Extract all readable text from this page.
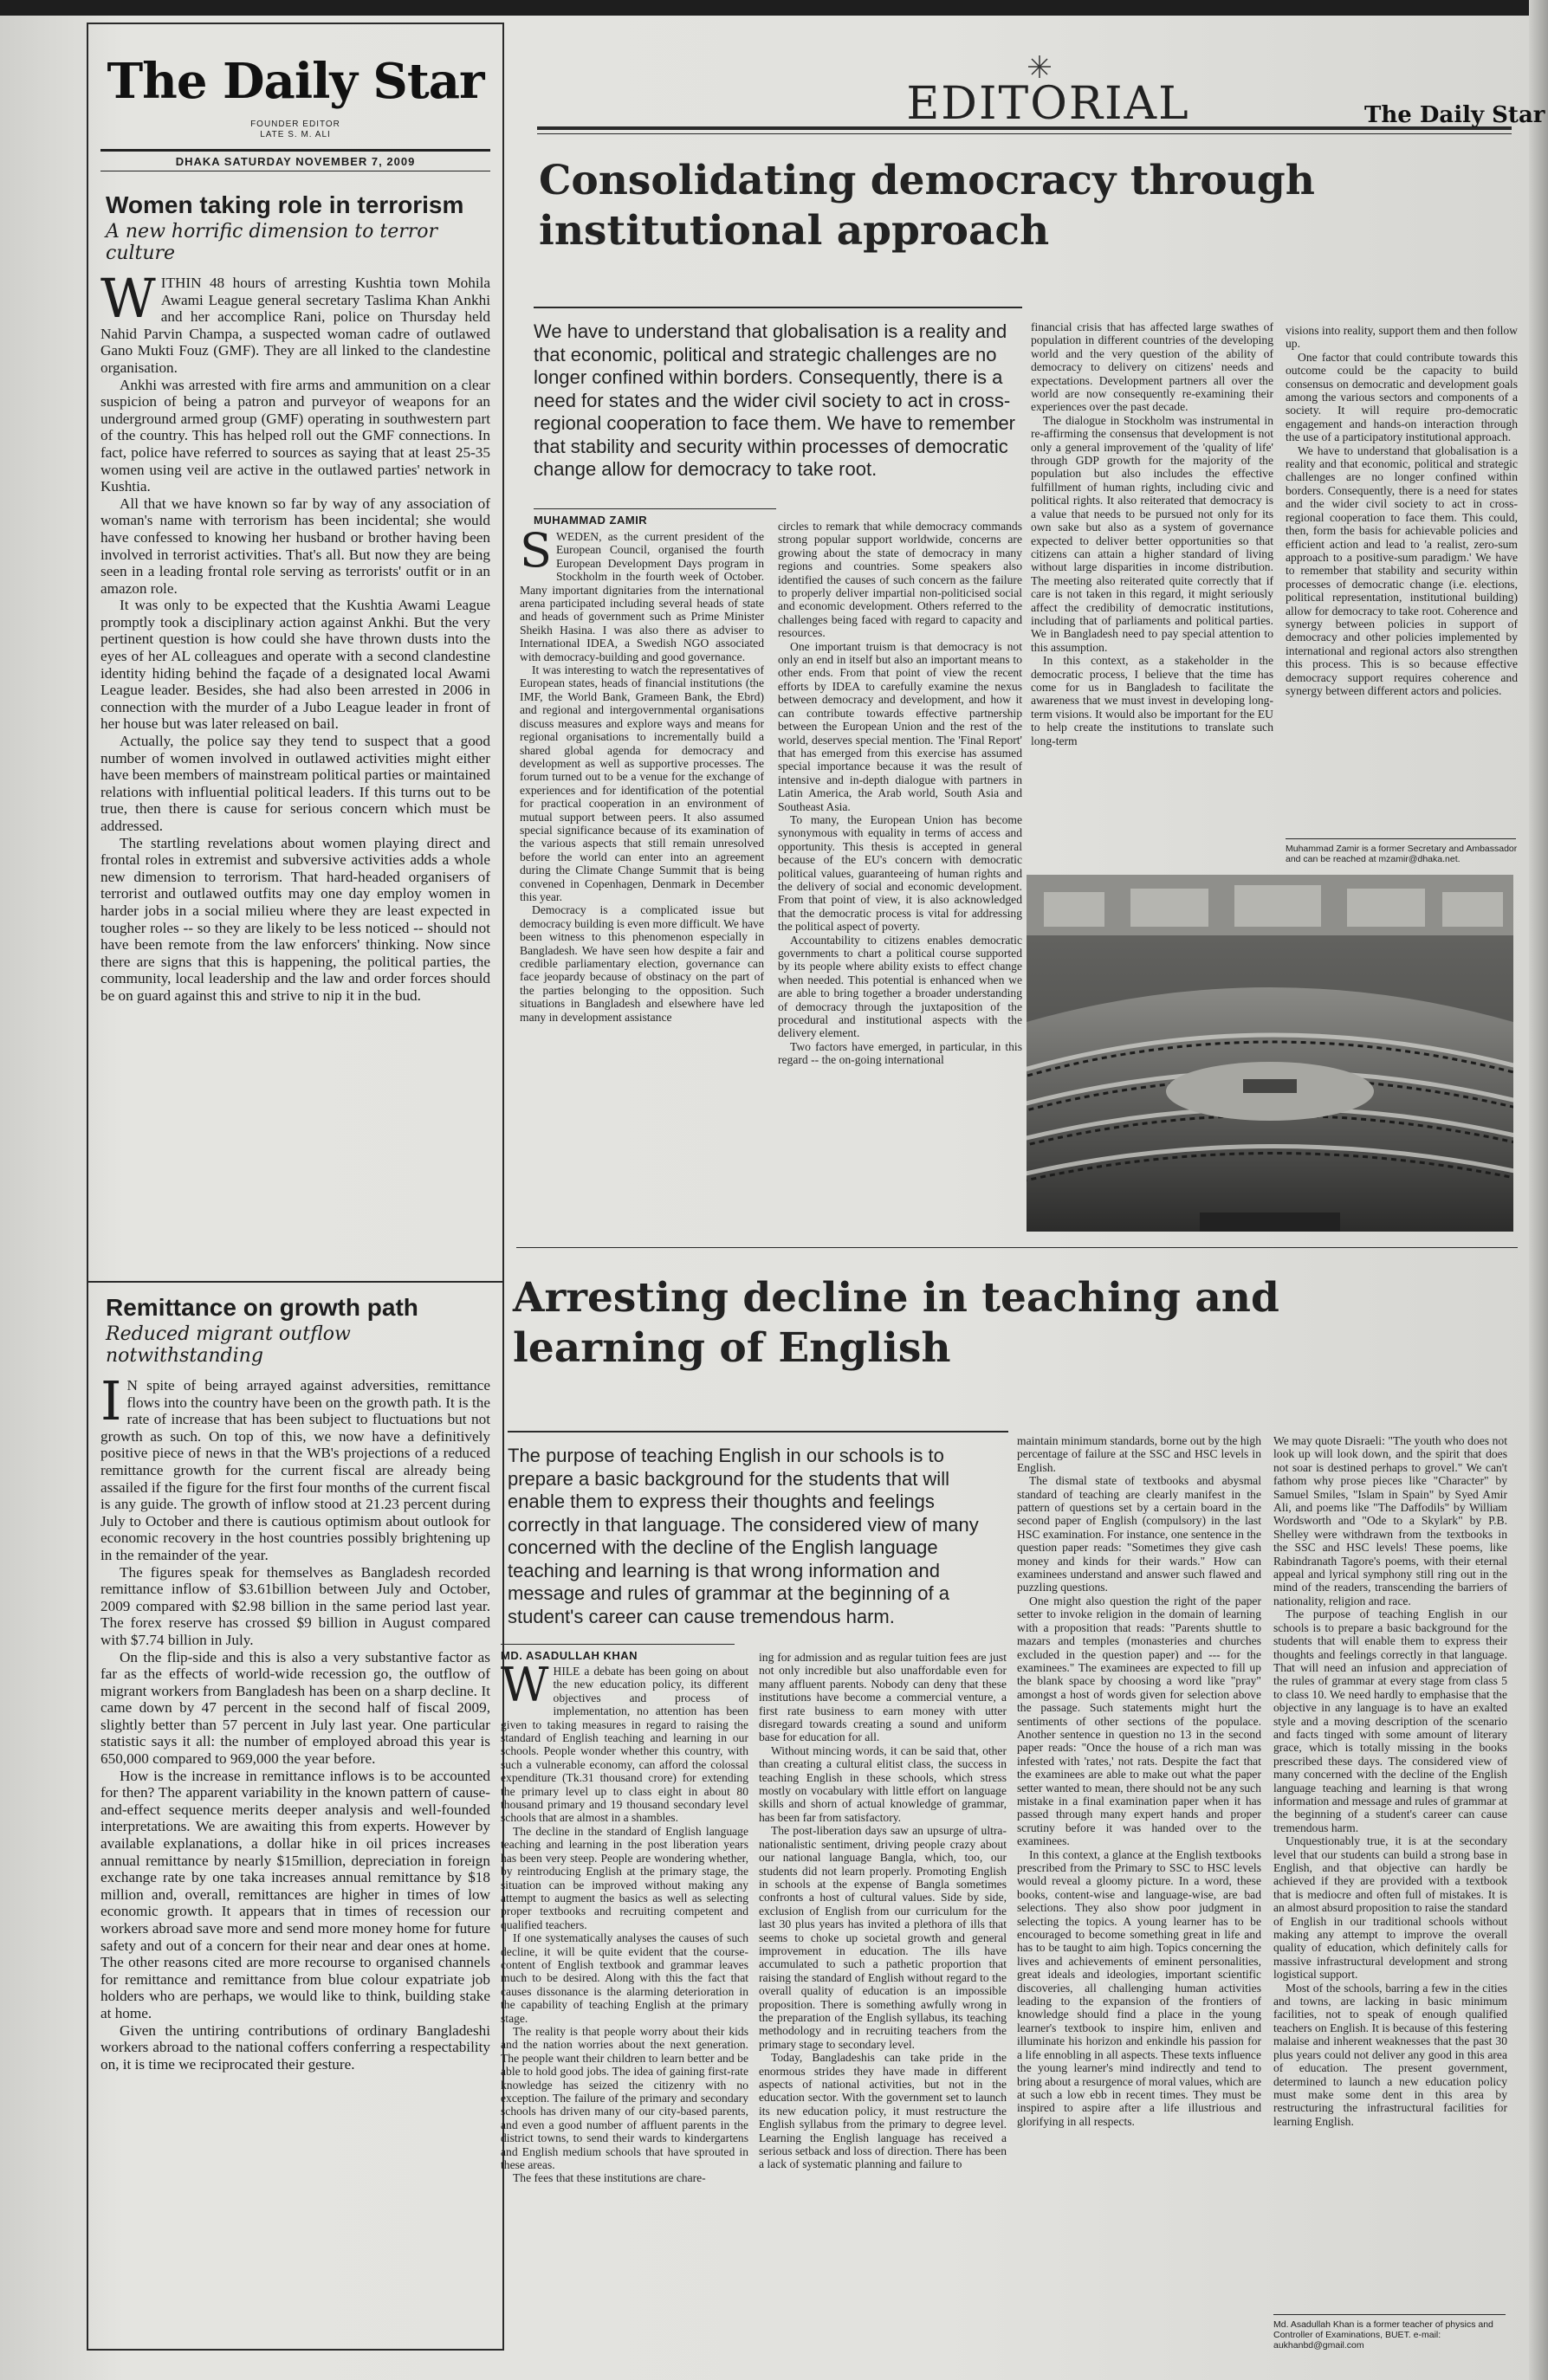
The Daily Star
FOUNDER EDITOR
LATE S. M. ALI
DHAKA SATURDAY NOVEMBER 7, 2009
Women taking role in terrorism
A new horrific dimension to terror culture
W ITHIN 48 hours of arresting Kushtia town Mohila Awami League general secretary Taslima Khan Ankhi and her accomplice Rani, police on Thursday held Nahid Parvin Champa, a suspected woman cadre of outlawed Gano Mukti Fouz (GMF). They are all linked to the clandestine organisation.

Ankhi was arrested with fire arms and ammunition on a clear suspicion of being a patron and purveyor of weapons for an underground armed group (GMF) operating in southwestern part of the country. This has helped roll out the GMF connections. In fact, police have referred to sources as saying that at least 25-35 women using veil are active in the outlawed parties' network in Kushtia.

All that we have known so far by way of any association of woman's name with terrorism has been incidental; she would have confessed to knowing her husband or brother having been involved in terrorist activities. That's all. But now they are being seen in a leading frontal role serving as terrorists' outfit or in an amazon role.

It was only to be expected that the Kushtia Awami League promptly took a disciplinary action against Ankhi. But the very pertinent question is how could she have thrown dusts into the eyes of her AL colleagues and operate with a second clandestine identity hiding behind the façade of a designated local Awami League leader. Besides, she had also been arrested in 2006 in connection with the murder of a Jubo League leader in front of her house but was later released on bail.

Actually, the police say they tend to suspect that a good number of women involved in outlawed activities might either have been members of mainstream political parties or maintained relations with influential political leaders. If this turns out to be true, then there is cause for serious concern which must be addressed.

The startling revelations about women playing direct and frontal roles in extremist and subversive activities adds a whole new dimension to terrorism. That hard-headed organisers of terrorist and outlawed outfits may one day employ women in harder jobs in a social milieu where they are least expected in tougher roles -- so they are likely to be less noticed -- should not have been remote from the law enforcers' thinking. Now since there are signs that this is happening, the political parties, the community, local leadership and the law and order forces should be on guard against this and strive to nip it in the bud.

Remittance on growth path
Reduced migrant outflow notwithstanding
I N spite of being arrayed against adversities, remittance flows into the country have been on the growth path. It is the rate of increase that has been subject to fluctuations but not growth as such. On top of this, we now have a definitively positive piece of news in that the WB's projections of a reduced remittance growth for the current fiscal are already being assailed if the figure for the first four months of the current fiscal is any guide. The growth of inflow stood at 21.23 percent during July to October and there is cautious optimism about outlook for economic recovery in the host countries possibly brightening up in the remainder of the year.

The figures speak for themselves as Bangladesh recorded remittance inflow of $3.61billion between July and October, 2009 compared with $2.98 billion in the same period last year. The forex reserve has crossed $9 billion in August compared with $7.74 billion in July.

On the flip-side and this is also a very substantive factor as far as the effects of world-wide recession go, the outflow of migrant workers from Bangladesh has been on a sharp decline. It came down by 47 percent in the second half of fiscal 2009, slightly better than 57 percent in July last year. One particular statistic says it all: the number of employed abroad this year is 650,000 compared to 969,000 the year before.

How is the increase in remittance inflows is to be accounted for then? The apparent variability in the known pattern of cause-and-effect sequence merits deeper analysis and well-founded interpretations. We are awaiting this from experts. However by available explanations, a dollar hike in oil prices increases annual remittance by nearly $15million, depreciation in foreign exchange rate by one taka increases annual remittance by $18 million and, overall, remittances are higher in times of low economic growth. It appears that in times of recession our workers abroad save more and send more money home for future safety and out of a concern for their near and dear ones at home. The other reasons cited are more recourse to organised channels for remittance and remittance from blue colour expatriate job holders who are perhaps, we would like to think, building stake at home.

Given the untiring contributions of ordinary Bangladeshi workers abroad to the national coffers conferring a respectability on, it is time we reciprocated their gesture.

EDITORIAL	The Daily Star
Consolidating democracy through
institutional approach
We have to understand that globalisation is a reality and that economic, political and strategic challenges are no longer confined within borders. Consequently, there is a need for states and the wider civil society to act in cross-regional cooperation to face them. We have to remember that stability and security within processes of democratic change allow for democracy to take root.
MUHAMMAD ZAMIR
S WEDEN, as the current president of the European Council, organised the fourth European Development Days program in Stockholm in the fourth week of October. Many important dignitaries from the international arena participated including several heads of state and heads of government such as Prime Minister Sheikh Hasina. I was also there as adviser to International IDEA, a Swedish NGO associated with democracy-building and good governance.

It was interesting to watch the representatives of European states, heads of financial institutions (the IMF, the World Bank, Grameen Bank, the Ebrd) and regional and intergovernmental organisations discuss measures and explore ways and means for regional organisations to incrementally build a shared global agenda for democracy and development as well as supportive processes. The forum turned out to be a venue for the exchange of experiences and for identification of the potential for practical cooperation in an environment of mutual support between peers. It also assumed special significance because of its examination of the various aspects that still remain unresolved before the world can enter into an agreement during the Climate Change Summit that is being convened in Copenhagen, Denmark in December this year.

Democracy is a complicated issue but democracy building is even more difficult. We have been witness to this phenomenon especially in Bangladesh. We have seen how despite a fair and credible parliamentary election, governance can face jeopardy because of obstinacy on the part of the parties belonging to the opposition. Such situations in Bangladesh and elsewhere have led many in development assistance

circles to remark that while democracy commands strong popular support worldwide, concerns are growing about the state of democracy in many regions and countries. Some speakers also identified the causes of such concern as the failure to properly deliver impartial non-politicised social and economic development. Others referred to the challenges being faced with regard to capacity and resources.

One important truism is that democracy is not only an end in itself but also an important means to other ends. From that point of view the recent efforts by IDEA to carefully examine the nexus between democracy and development, and how it can contribute towards effective partnership between the European Union and the rest of the world, deserves special mention. The 'Final Report' that has emerged from this exercise has assumed special importance because it was the result of intensive and in-depth dialogue with partners in Latin America, the Arab world, South Asia and Southeast Asia.

To many, the European Union has become synonymous with equality in terms of access and opportunity. This thesis is accepted in general because of the EU's concern with democratic political values, guaranteeing of human rights and the delivery of social and economic development. From that point of view, it is also acknowledged that the democratic process is vital for addressing the political aspect of poverty.

Accountability to citizens enables democratic governments to chart a political course supported by its people where ability exists to effect change when needed. This potential is enhanced when we are able to bring together a broader understanding of democracy through the juxtaposition of the procedural and institutional aspects with the delivery element.

Two factors have emerged, in particular, in this regard -- the on-going international

financial crisis that has affected large swathes of population in different countries of the developing world and the very question of the ability of democracy to delivery on citizens' needs and expectations. Development partners all over the world are now consequently re-examining their experiences over the past decade.

The dialogue in Stockholm was instrumental in re-affirming the consensus that development is not only a general improvement of the 'quality of life' through GDP growth for the majority of the population but also includes the effective fulfillment of human rights, including civic and political rights. It also reiterated that democracy is a value that needs to be pursued not only for its own sake but also as a system of governance expected to deliver better opportunities so that citizens can attain a higher standard of living without large disparities in income distribution. The meeting also reiterated quite correctly that if care is not taken in this regard, it might seriously affect the credibility of democratic institutions, including that of parliaments and political parties. We in Bangladesh need to pay special attention to this assumption.

In this context, as a stakeholder in the democratic process, I believe that the time has come for us in Bangladesh to facilitate the awareness that we must invest in developing long-term visions. It would also be important for the EU to help create the institutions to translate such long-term

visions into reality, support them and then follow up.

One factor that could contribute towards this outcome could be the capacity to build consensus on democratic and development goals among the various sectors and components of a society. It will require pro-democratic engagement and hands-on interaction through the use of a participatory institutional approach.

We have to understand that globalisation is a reality and that economic, political and strategic challenges are no longer confined within borders. Consequently, there is a need for states and the wider civil society to act in cross-regional cooperation to face them. This could, then, form the basis for achievable policies and efficient action and lead to 'a realist, zero-sum approach to a positive-sum paradigm.' We have to remember that stability and security within processes of democratic change (i.e. elections, political representation, institutional building) allow for democracy to take root. Coherence and synergy between policies in support of democracy and other policies implemented by international and regional actors also strengthen this process. This is so because effective democracy support requires coherence and synergy between different actors and policies.

Muhammad Zamir is a former Secretary and Ambassador and can be reached at mzamir@dhaka.net.
Arresting decline in teaching and
learning of English
The purpose of teaching English in our schools is to prepare a basic background for the students that will enable them to express their thoughts and feelings correctly in that language. The considered view of many concerned with the decline of the English language teaching and learning is that wrong information and message and rules of grammar at the beginning of a student's career can cause tremendous harm.
MD. ASADULLAH KHAN
W HILE a debate has been going on about the new education policy, its different objectives and process of implementation, no attention has been given to taking measures in regard to raising the standard of English teaching and learning in our schools. People wonder whether this country, with such a vulnerable economy, can afford the colossal expenditure (Tk.31 thousand crore) for extending the primary level up to class eight in about 80 thousand primary and 19 thousand secondary level schools that are almost in a shambles.

The decline in the standard of English language teaching and learning in the post liberation years has been very steep. People are wondering whether, by reintroducing English at the primary stage, the situation can be improved without making any attempt to augment the basics as well as selecting proper textbooks and recruiting competent and qualified teachers.

If one systematically analyses the causes of such decline, it will be quite evident that the course-content of English textbook and grammar leaves much to be desired. Along with this the fact that causes dissonance is the alarming deterioration in the capability of teaching English at the primary stage.

The reality is that people worry about their kids and the nation worries about the next generation. The people want their children to learn better and be able to hold good jobs. The idea of gaining first-rate knowledge has seized the citizenry with no exception. The failure of the primary and secondary schools has driven many of our city-based parents, and even a good number of affluent parents in the district towns, to send their wards to kindergartens and English medium schools that have sprouted in these areas.

The fees that these institutions are chare-

ing for admission and as regular tuition fees are just not only incredible but also unaffordable even for many affluent parents. Nobody can deny that these institutions have become a commercial venture, a first rate business to earn money with utter disregard towards creating a sound and uniform base for education for all.

Without mincing words, it can be said that, other than creating a cultural elitist class, the success in teaching English in these schools, which stress mostly on vocabulary with little effort on language skills and shorn of actual knowledge of grammar, has been far from satisfactory.

The post-liberation days saw an upsurge of ultra-nationalistic sentiment, driving people crazy about our national language Bangla, which, too, our students did not learn properly. Promoting English in schools at the expense of Bangla sometimes confronts a host of cultural values. Side by side, exclusion of English from our curriculum for the last 30 plus years has invited a plethora of ills that seems to choke up societal growth and general improvement in education. The ills have accumulated to such a pathetic proportion that raising the standard of English without regard to the overall quality of education is an impossible proposition. There is something awfully wrong in the preparation of the English syllabus, its teaching methodology and in recruiting teachers from the primary stage to secondary level.

Today, Bangladeshis can take pride in the enormous strides they have made in different aspects of national activities, but not in the education sector. With the government set to launch its new education policy, it must restructure the English syllabus from the primary to degree level. Learning the English language has received a serious setback and loss of direction. There has been a lack of systematic planning and failure to

maintain minimum standards, borne out by the high percentage of failure at the SSC and HSC levels in English.

The dismal state of textbooks and abysmal standard of teaching are clearly manifest in the pattern of questions set by a certain board in the second paper of English (compulsory) in the last HSC examination. For instance, one sentence in the question paper reads: "Sometimes they give cash money and kinds for their wards." How can examinees understand and answer such flawed and puzzling questions.

One might also question the right of the paper setter to invoke religion in the domain of learning with a proposition that reads: "Parents shuttle to mazars and temples (monasteries and churches excluded in the question paper) and --- for the examinees." The examinees are expected to fill up the blank space by choosing a word like "pray" amongst a host of words given for selection above the passage. Such statements might hurt the sentiments of other sections of the populace. Another sentence in question no 13 in the second paper reads: "Once the house of a rich man was infested with 'rates,' not rats. Despite the fact that the examinees are able to make out what the paper setter wanted to mean, there should not be any such mistake in a final examination paper when it has passed through many expert hands and proper scrutiny before it was handed over to the examinees.

In this context, a glance at the English textbooks prescribed from the Primary to SSC to HSC levels would reveal a gloomy picture. In a word, these books, content-wise and language-wise, are bad selections. They also show poor judgment in selecting the topics. A young learner has to be encouraged to become something great in life and has to be taught to aim high. Topics concerning the lives and achievements of eminent personalities, great ideals and ideologies, important scientific discoveries, all challenging human activities leading to the expansion of the frontiers of knowledge should find a place in the young learner's textbook to inspire him, enliven and illuminate his horizon and enkindle his passion for a life ennobling in all aspects. These texts influence the young learner's mind indirectly and tend to bring about a resurgence of moral values, which are at such a low ebb in recent times. They must be inspired to aspire after a life illustrious and glorifying in all respects.

We may quote Disraeli: "The youth who does not look up will look down, and the spirit that does not soar is destined perhaps to grovel." We can't fathom why prose pieces like "Character" by Samuel Smiles, "Islam in Spain" by Syed Amir Ali, and poems like "The Daffodils" by William Wordsworth and "Ode to a Skylark" by P.B. Shelley were withdrawn from the textbooks in the SSC and HSC levels! These poems, like Rabindranath Tagore's poems, with their eternal appeal and lyrical symphony still ring out in the mind of the readers, transcending the barriers of nationality, religion and race.

The purpose of teaching English in our schools is to prepare a basic background for the students that will enable them to express their thoughts and feelings correctly in that language. That will need an infusion and appreciation of the rules of grammar at every stage from class 5 to class 10. We need hardly to emphasise that the objective in any language is to have an exalted style and a moving description of the scenario and facts tinged with some amount of literary grace, which is totally missing in the books prescribed these days. The considered view of many concerned with the decline of the English language teaching and learning is that wrong information and message and rules of grammar at the beginning of a student's career can cause tremendous harm.

Unquestionably true, it is at the secondary level that our students can build a strong base in English, and that objective can hardly be achieved if they are provided with a textbook that is mediocre and often full of mistakes. It is an almost absurd proposition to raise the standard of English in our traditional schools without making any attempt to improve the overall quality of education, which definitely calls for massive infrastructural development and strong logistical support.

Most of the schools, barring a few in the cities and towns, are lacking in basic minimum facilities, not to speak of enough qualified teachers on English. It is because of this festering malaise and inherent weaknesses that the past 30 plus years could not deliver any good in this area of education. The present government, determined to launch a new education policy must make some dent in this area by restructuring the infrastructural facilities for learning English.

Md. Asadullah Khan is a former teacher of physics and Controller of Examinations, BUET. e-mail: aukhanbd@gmail.com
